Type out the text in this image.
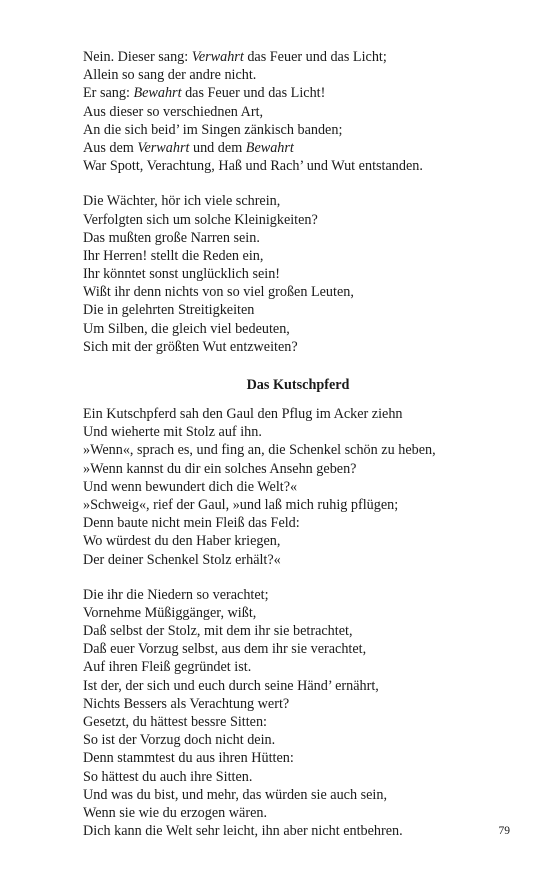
Nein. Dieser sang: Verwahrt das Feuer und das Licht;
Allein so sang der andre nicht.
Er sang: Bewahrt das Feuer und das Licht!
Aus dieser so verschiednen Art,
An die sich beid’ im Singen zänkisch banden;
Aus dem Verwahrt und dem Bewahrt
War Spott, Verachtung, Haß und Rach’ und Wut entstanden.
Die Wächter, hör ich viele schrein,
Verfolgten sich um solche Kleinigkeiten?
Das mußten große Narren sein.
Ihr Herren! stellt die Reden ein,
Ihr könntet sonst unglücklich sein!
Wißt ihr denn nichts von so viel großen Leuten,
Die in gelehrten Streitigkeiten
Um Silben, die gleich viel bedeuten,
Sich mit der größten Wut entzweiten?
Das Kutschpferd
Ein Kutschpferd sah den Gaul den Pflug im Acker ziehn
Und wieherte mit Stolz auf ihn.
»Wenn«, sprach es, und fing an, die Schenkel schön zu heben,
»Wenn kannst du dir ein solches Ansehn geben?
Und wenn bewundert dich die Welt?«
»Schweig«, rief der Gaul, »und laß mich ruhig pflügen;
Denn baute nicht mein Fleiß das Feld:
Wo würdest du den Haber kriegen,
Der deiner Schenkel Stolz erhält?«
Die ihr die Niedern so verachtet;
Vornehme Müßiggänger, wißt,
Daß selbst der Stolz, mit dem ihr sie betrachtet,
Daß euer Vorzug selbst, aus dem ihr sie verachtet,
Auf ihren Fleiß gegründet ist.
Ist der, der sich und euch durch seine Händ’ ernährt,
Nichts Bessers als Verachtung wert?
Gesetzt, du hättest bessre Sitten:
So ist der Vorzug doch nicht dein.
Denn stammtest du aus ihren Hütten:
So hättest du auch ihre Sitten.
Und was du bist, und mehr, das würden sie auch sein,
Wenn sie wie du erzogen wären.
Dich kann die Welt sehr leicht, ihn aber nicht entbehren.	79
